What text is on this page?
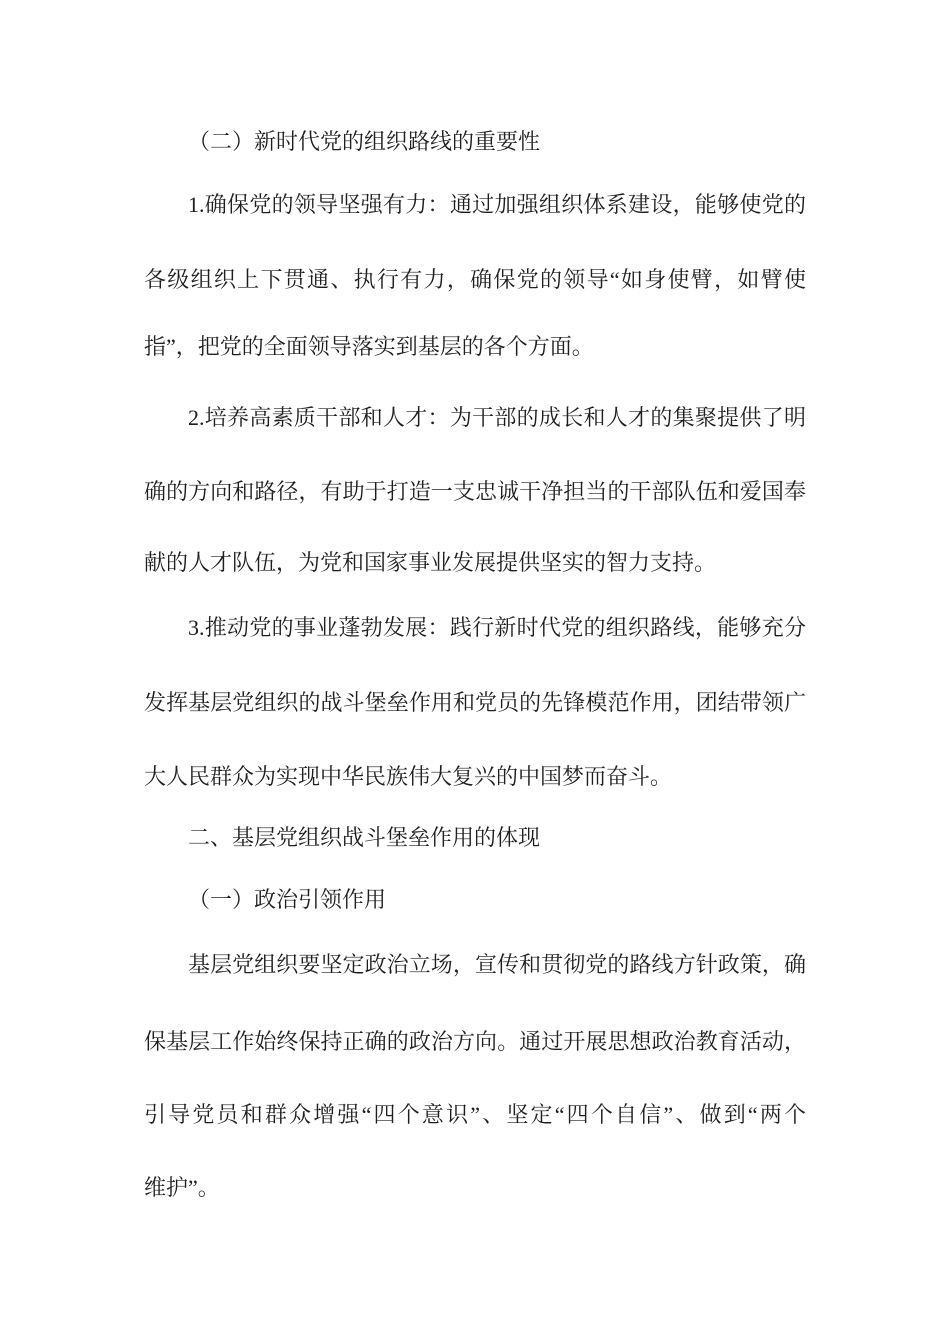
（二）新时代党的组织路线的重要性
1.确保党的领导坚强有力：通过加强组织体系建设，能够使党的
各级组织上下贯通、执行有力，确保党的领导“如身使臂，如臂使
指”，把党的全面领导落实到基层的各个方面。
2.培养高素质干部和人才：为干部的成长和人才的集聚提供了明
确的方向和路径，有助于打造一支忠诚干净担当的干部队伍和爱国奉
献的人才队伍，为党和国家事业发展提供坚实的智力支持。
3.推动党的事业蓬勃发展：践行新时代党的组织路线，能够充分
发挥基层党组织的战斗堡垒作用和党员的先锋模范作用，团结带领广
大人民群众为实现中华民族伟大复兴的中国梦而奋斗。
二、基层党组织战斗堡垒作用的体现
（一）政治引领作用
基层党组织要坚定政治立场，宣传和贯彻党的路线方针政策，确
保基层工作始终保持正确的政治方向。通过开展思想政治教育活动，
引导党员和群众增强“四个意识”、坚定“四个自信”、做到“两个
维护”。
